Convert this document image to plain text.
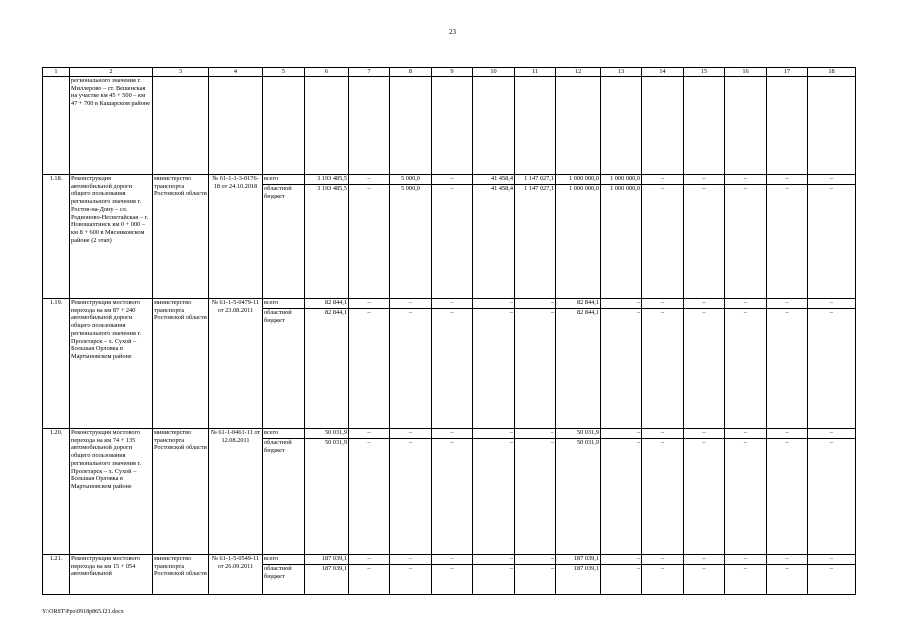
23
1	2	3	4	5	6	7	8	9	10	11	12	13	14	15	16	17	18
	регионального значения г. Миллерово – ст. Вешенская на участке км 45 + 500 – км 47 + 700 в Кашарском районе																
1.18.	Реконструкция автомобильной дороги общего пользования регионального значения г. Ростов-на-Дону – сл. Родионово-Несветайская – г. Новошахтинск км 0 + 000 – км 8 + 600 в Мясниковском районе (2 этап)	министерство транспорта Ростовской области	№ 61-1-1-3-0176-18 от 24.10.2018	всего	3 193 485,5	–	5 000,0	–	41 458,4	1 147 027,1	1 000 000,0	1 000 000,0	–	–	–	–	–
				областной бюджет	3 193 485,5	–	5 000,0	–	41 458,4	1 147 027,1	1 000 000,0	1 000 000,0	–	–	–	–	–
1.19.	Реконструкция мостового перехода на км 87 + 240 автомобильной дороги общего пользования регионального значения г. Пролетарск – х. Сухой – Большая Орловка в Мартыновском районе	министерство транспорта Ростовской области	№ 61-1-5-0479-11 от 23.08.2011	всего	82 844,1	–	–	–	–	–	82 844,1	–	–	–	–	–	–
				областной бюджет	82 844,1	–	–	–	–	–	82 844,1	–	–	–	–	–	–
1.20.	Реконструкция мостового перехода на км 74 + 135 автомобильной дороги общего пользования регионального значения г. Пролетарск – х. Сухой – Большая Орловка в Мартыновском районе	министерство транспорта Ростовской области	№ 61-1-0461-11 от 12.08.2011	всего	50 031,9	–	–	–	–	–	50 031,9	–	–	–	–	–	–
				областной бюджет	50 031,9	–	–	–	–	–	50 031,9	–	–	–	–	–	–
1.21.	Реконструкция мостового перехода на км 15 + 054 автомобильной	министерство транспорта Ростовской области	№ 61-1-5-0549-11 от 26.09.2011	всего	187 039,1	–	–	–	–	–	187 039,1	–	–	–	–	–	–
				областной бюджет	187 039,1	–	–	–	–	–	187 039,1	–	–	–	–	–	–
Y:\ORST\Ppo\0918p865.f21.docx
